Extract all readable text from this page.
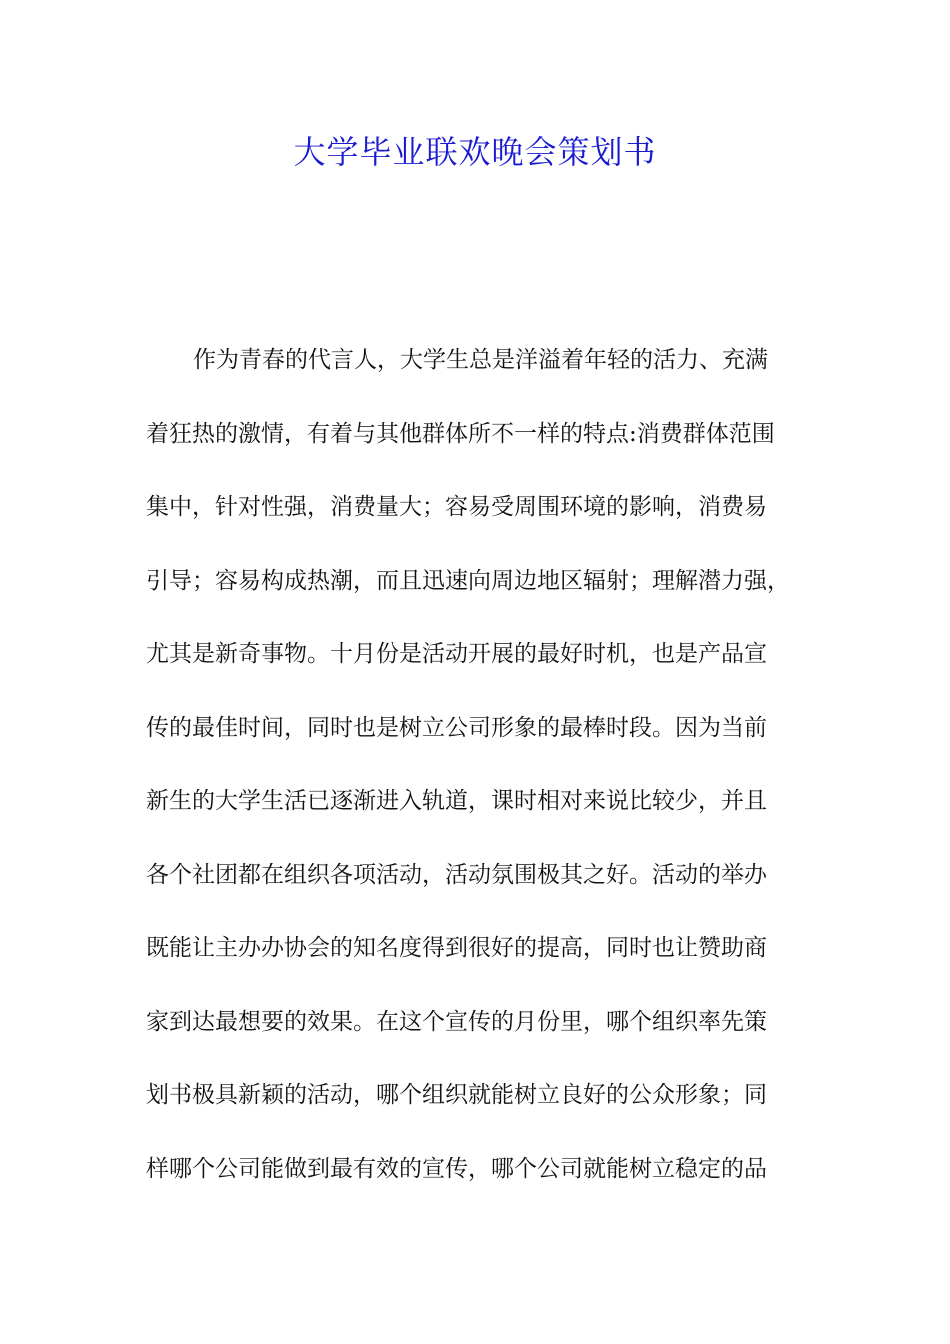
大学毕业联欢晚会策划书
作为青春的代言人，大学生总是洋溢着年轻的活力、充满
着狂热的激情，有着与其他群体所不一样的特点:消费群体范围
集中，针对性强，消费量大；容易受周围环境的影响，消费易
引导；容易构成热潮，而且迅速向周边地区辐射；理解潜力强，
尤其是新奇事物。十月份是活动开展的最好时机，也是产品宣
传的最佳时间，同时也是树立公司形象的最棒时段。因为当前
新生的大学生活已逐渐进入轨道，课时相对来说比较少，并且
各个社团都在组织各项活动，活动氛围极其之好。活动的举办
既能让主办办协会的知名度得到很好的提高，同时也让赞助商
家到达最想要的效果。在这个宣传的月份里，哪个组织率先策
划书极具新颖的活动，哪个组织就能树立良好的公众形象；同
样哪个公司能做到最有效的宣传，哪个公司就能树立稳定的品
